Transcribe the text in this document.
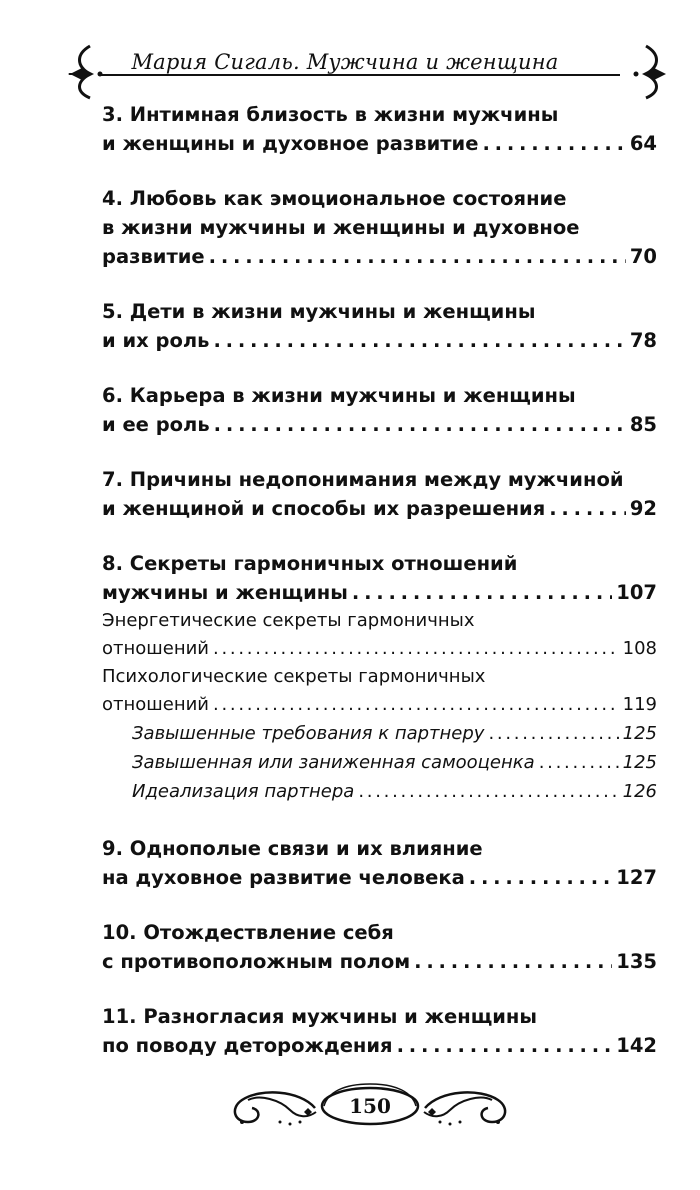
Мария Сигаль. Мужчина и женщина
3. Интимная близость в жизни мужчины
и женщины и духовное развитие . . .	64
4. Любовь как эмоциональное состояние
в жизни мужчины и женщины и духовное
развитие . . .	70
5. Дети в жизни мужчины и женщины
и их роль . . .	78
6. Карьера в жизни мужчины и женщины
и ее роль . . .	85
7. Причины недопонимания между мужчиной
и женщиной и способы их разрешения . . .	92
8. Секреты гармоничных отношений
мужчины и женщины . . .	107
Энергетические секреты гармоничных
отношений . . .	108
Психологические секреты гармоничных
отношений . . .	119
Завышенные требования к партнеру . . .	125
Завышенная или заниженная самооценка . . .	125
Идеализация партнера . . .	126
9. Однополые связи и их влияние
на духовное развитие человека . . .	127
10. Отождествление себя
с противоположным полом . . .	135
11. Разногласия мужчины и женщины
по поводу деторождения . . .	142
150
